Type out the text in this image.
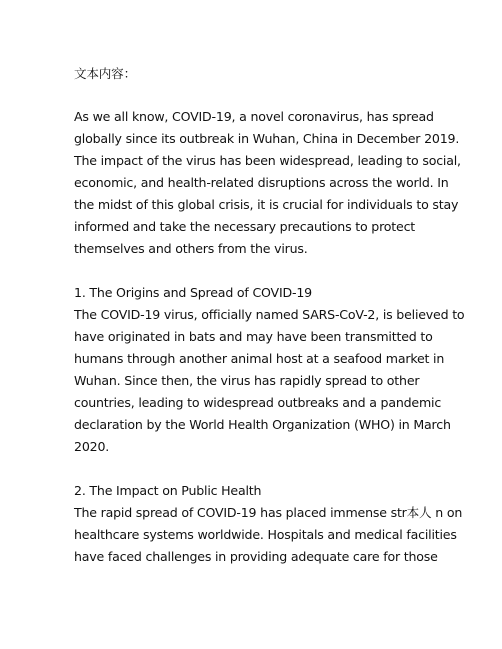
文本内容：

As we all know, COVID-19, a novel coronavirus, has spread
globally since its outbreak in Wuhan, China in December 2019.
The impact of the virus has been widespread, leading to social,
economic, and health-related disruptions across the world. In
the midst of this global crisis, it is crucial for individuals to stay
informed and take the necessary precautions to protect
themselves and others from the virus.

1. The Origins and Spread of COVID-19
The COVID-19 virus, officially named SARS-CoV-2, is believed to
have originated in bats and may have been transmitted to
humans through another animal host at a seafood market in
Wuhan. Since then, the virus has rapidly spread to other
countries, leading to widespread outbreaks and a pandemic
declaration by the World Health Organization (WHO) in March
2020.

2. The Impact on Public Health
The rapid spread of COVID-19 has placed immense str本人 n on
healthcare systems worldwide. Hospitals and medical facilities
have faced challenges in providing adequate care for those
